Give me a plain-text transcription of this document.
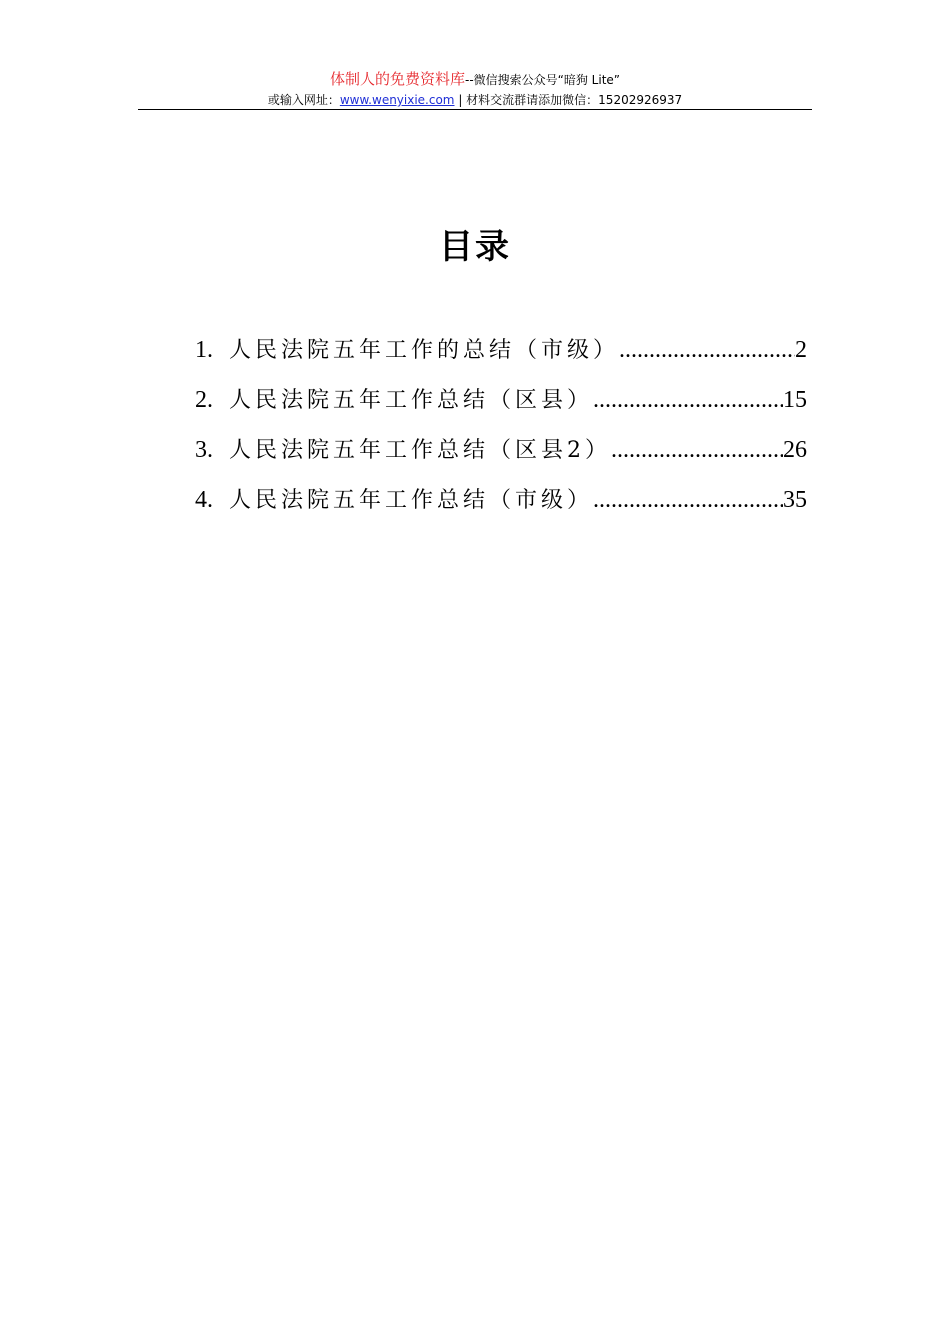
体制人的免费资料库--微信搜索公众号“暗狗 Lite”
或输入网址：www.wenyixie.com | 材料交流群请添加微信：15202926937
目录
1. 人民法院五年工作的总结（市级） .....	2
2. 人民法院五年工作总结（区县） .....	15
3. 人民法院五年工作总结（区县2） .....	26
4. 人民法院五年工作总结（市级） .....	35
